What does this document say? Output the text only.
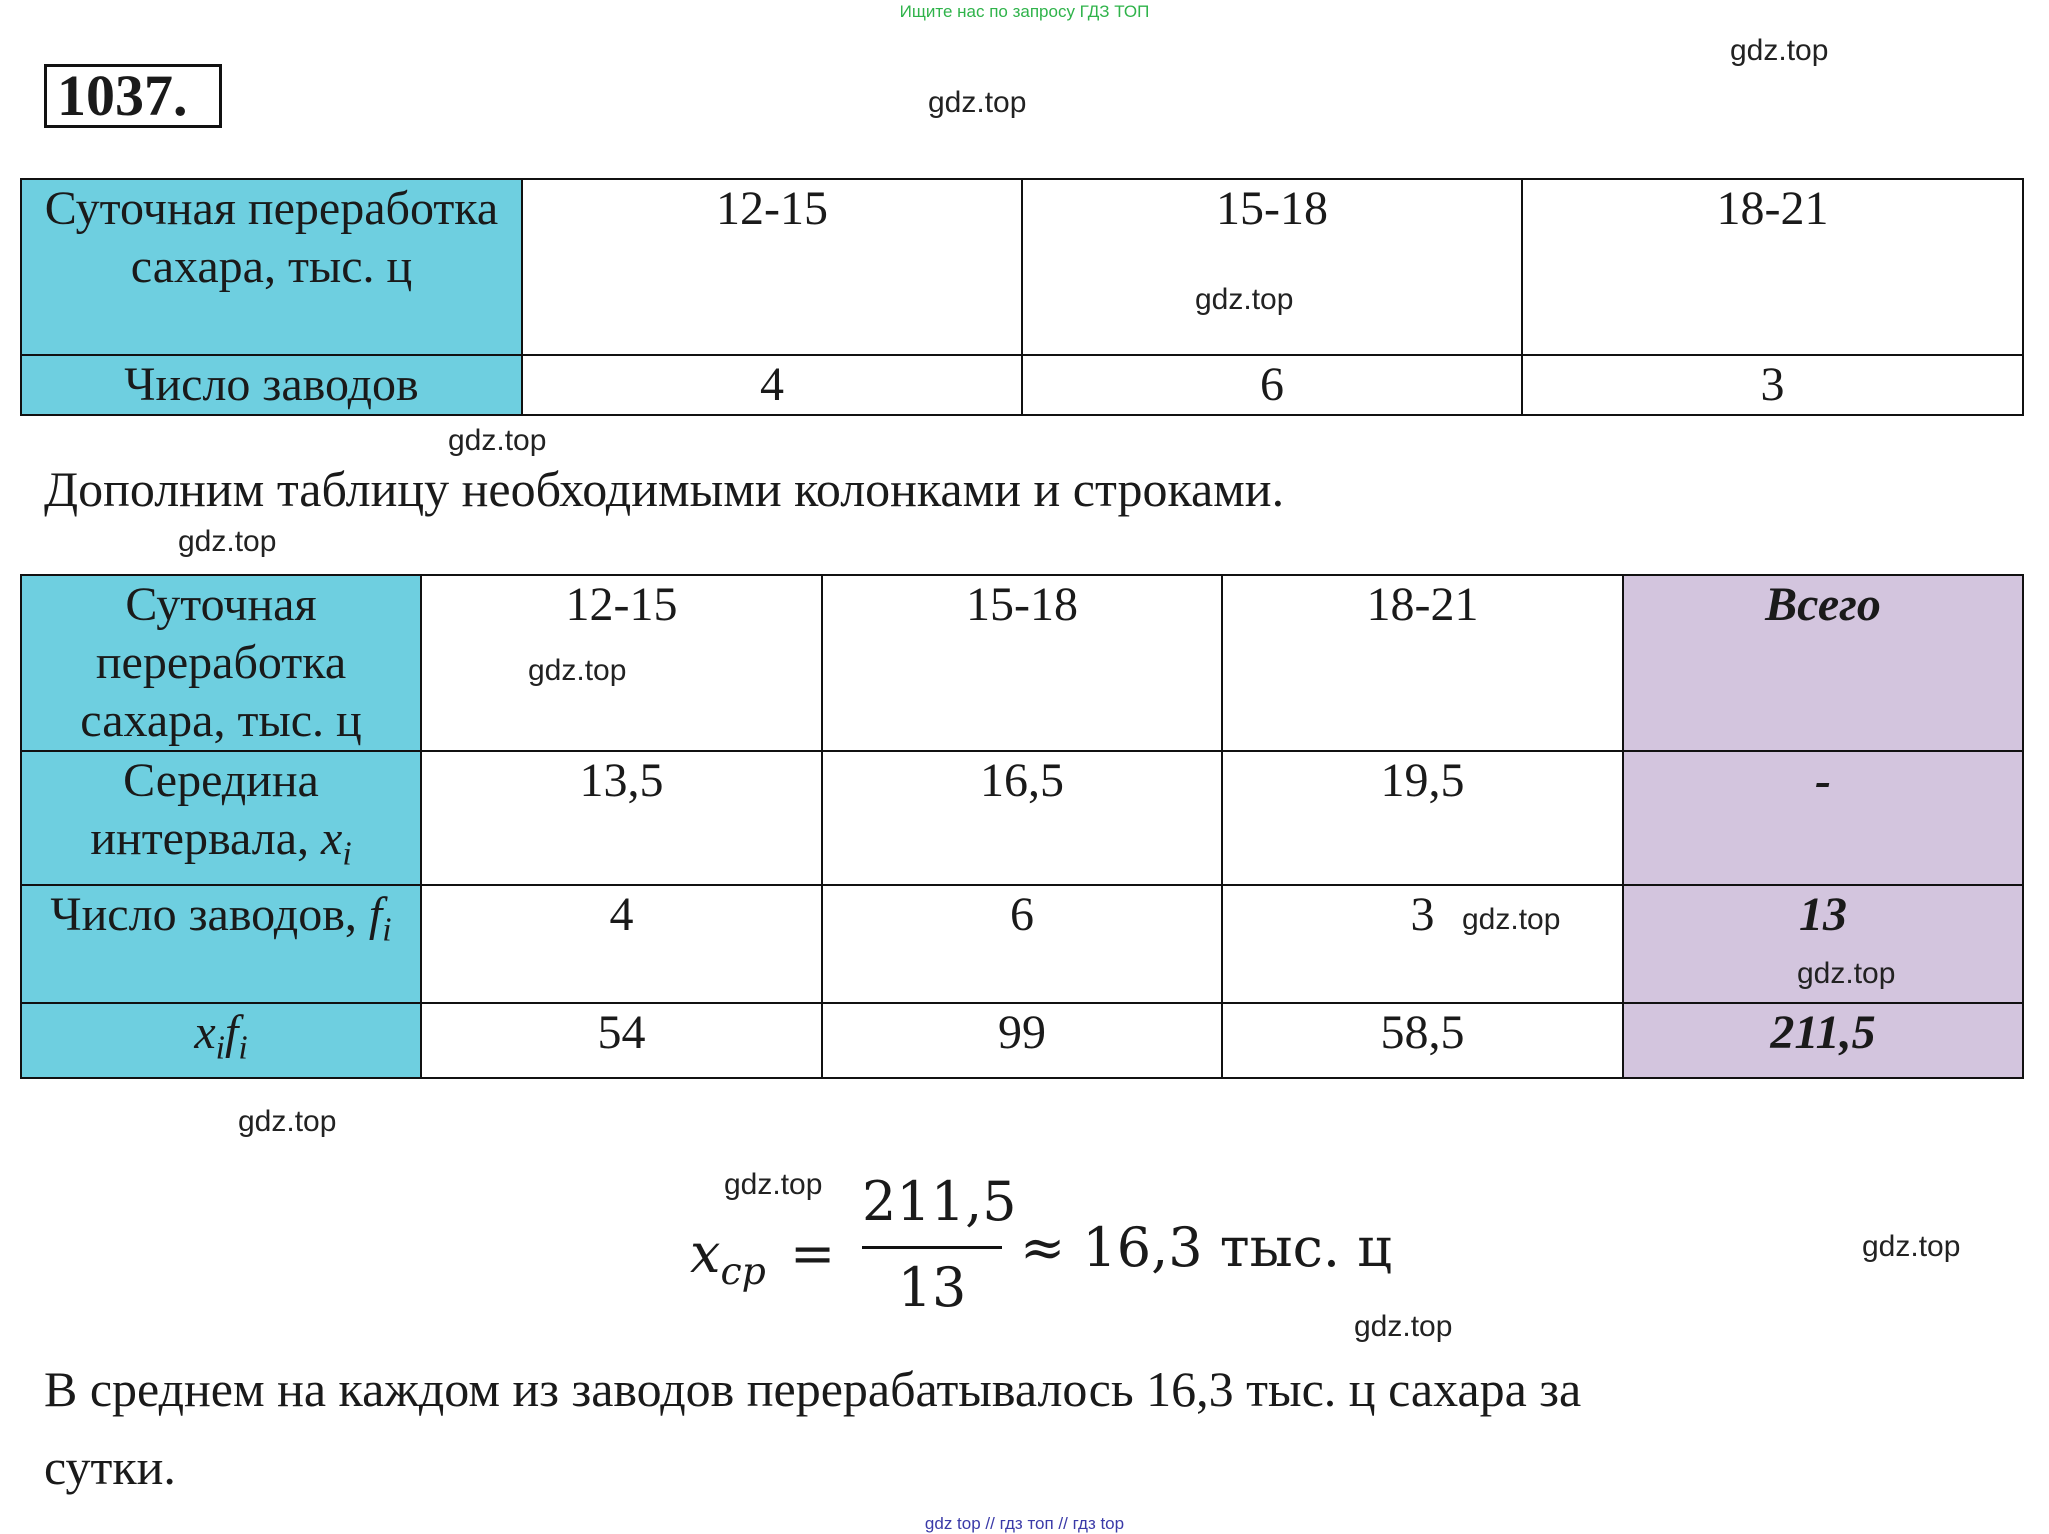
Ищите нас по запросу ГДЗ ТОП
1037.
gdz.top
gdz.top
gdz.top
gdz.top
gdz.top
gdz.top
gdz.top
gdz.top
gdz.top
gdz.top
gdz.top
gdz.top
Суточная переработка сахара, тыс. ц	12-15	15-18	18-21
Число заводов	4	6	3
Дополним таблицу необходимыми колонками и строками.
Суточная переработка сахара, тыс. ц	12-15	15-18	18-21	Всего
Середина интервала, $x_i$	13,5	16,5	19,5	-
Число заводов, $f_i$	4	6	3	13
$x_if_i$	54	99	58,5	211,5
$x_{ср}$ =
211,5
13
≈ 16,3 тыс. ц
В среднем на каждом из заводов перерабатывалось 16,3 тыс. ц сахара за
сутки.
gdz top // гдз топ // гдз top
